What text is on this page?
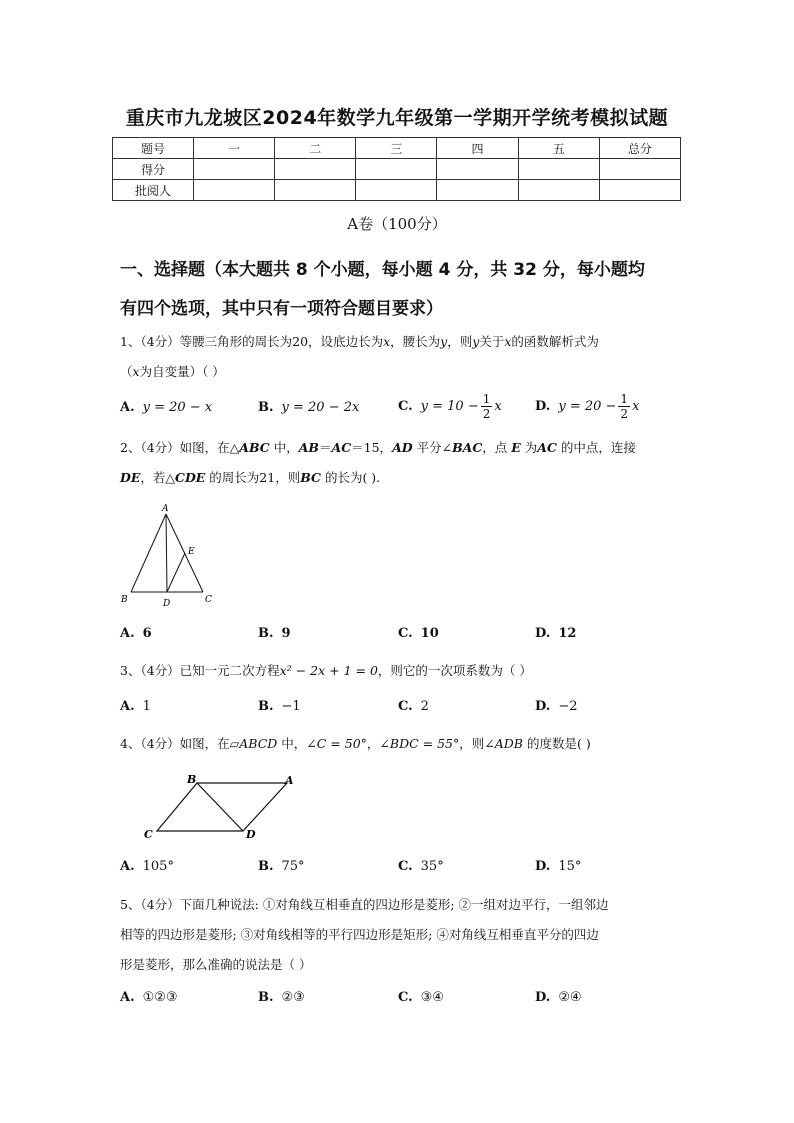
重庆市九龙坡区2024年数学九年级第一学期开学统考模拟试题
题号	一	二	三	四	五	总分
得分						
批阅人						
A卷（100分）
一、选择题（本大题共 8 个小题，每小题 4 分，共 32 分，每小题均
有四个选项，其中只有一项符合题目要求）
1、（4分）等腰三角形的周长为20，设底边长为x，腰长为y，则y关于x的函数解析式为
（x为自变量）（ ）
A. y = 20 − x	B. y = 20 − 2x	C. $y = 10 - \frac{1}{2}$ x	D. $y = 20 - \frac{1}{2}$ x
2、（4分）如图，在△ABC 中，AB＝AC＝15，AD 平分∠BAC，点 E 为AC 的中点，连接
DE，若△CDE 的周长为21，则BC 的长为( ).
A
B	C
D
E
A. 6	B. 9	C. 10	D. 12
3、（4分）已知一元二次方程x² − 2x + 1 = 0，则它的一次项系数为（ ）
A. 1	B. −1	C. 2	D. −2
4、（4分）如图，在▱ABCD 中，∠C = 50°，∠BDC = 55°，则∠ADB 的度数是( )
B	A
C	D
A. 105°	B. 75°	C. 35°	D. 15°
5、（4分）下面几种说法: ①对角线互相垂直的四边形是菱形; ②一组对边平行，一组邻边
相等的四边形是菱形; ③对角线相等的平行四边形是矩形; ④对角线互相垂直平分的四边
形是菱形，那么准确的说法是（ ）
A. ①②③	B. ②③	C. ③④	D. ②④
